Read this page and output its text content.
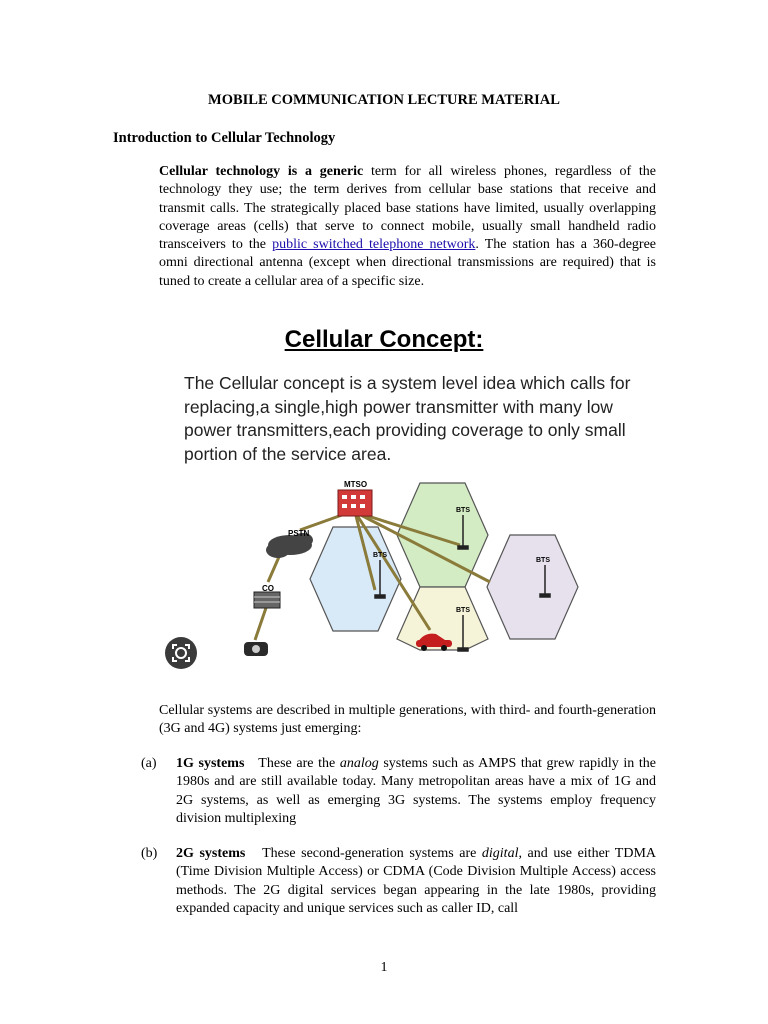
MOBILE COMMUNICATION LECTURE MATERIAL
Introduction to Cellular Technology
Cellular technology is a generic term for all wireless phones, regardless of the technology they use; the term derives from cellular base stations that receive and transmit calls. The strategically placed base stations have limited, usually overlapping coverage areas (cells) that serve to connect mobile, usually small handheld radio transceivers to the public switched telephone network. The station has a 360-degree omni directional antenna (except when directional transmissions are required) that is tuned to create a cellular area of a specific size.
Cellular Concept:
The Cellular concept is a system level idea which calls for replacing,a single,high power transmitter with many low power transmitters,each providing coverage to only small portion of the service area.
MTSO
PSTN
CO
BTS
BTS
BTS
BTS
Cellular systems are described in multiple generations, with third- and fourth-generation (3G and 4G) systems just emerging:
(a) 1G systems These are the analog systems such as AMPS that grew rapidly in the 1980s and are still available today. Many metropolitan areas have a mix of 1G and 2G systems, as well as emerging 3G systems. The systems employ frequency division multiplexing
(b) 2G systems These second-generation systems are digital, and use either TDMA (Time Division Multiple Access) or CDMA (Code Division Multiple Access) access methods. The 2G digital services began appearing in the late 1980s, providing expanded capacity and unique services such as caller ID, call
1
